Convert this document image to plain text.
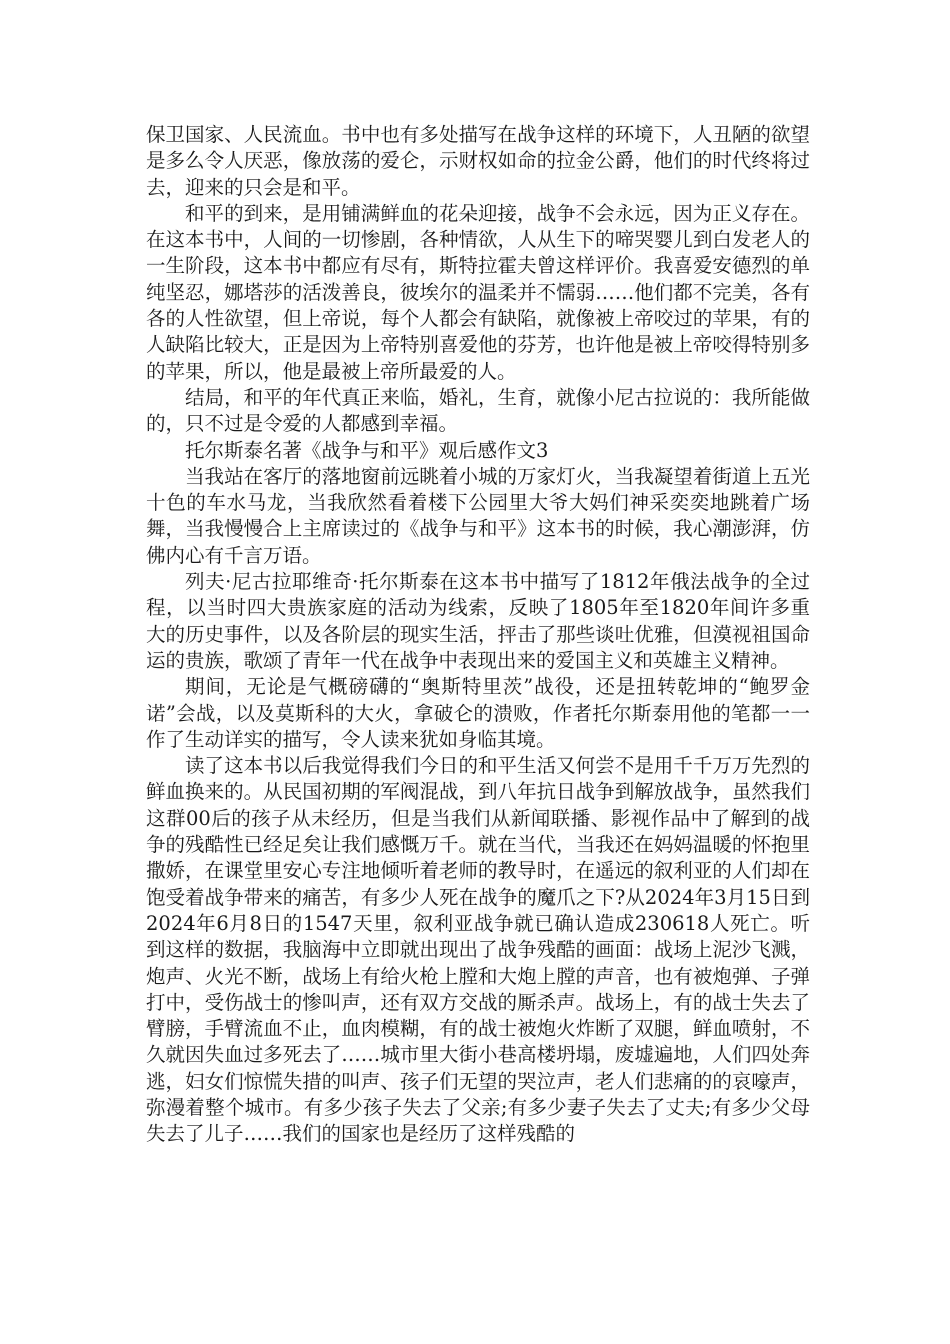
保卫国家、人民流血。书中也有多处描写在战争这样的环境下，人丑陋的欲望是多么令人厌恶，像放荡的爱仑，示财权如命的拉金公爵，他们的时代终将过去，迎来的只会是和平。

和平的到来，是用铺满鲜血的花朵迎接，战争不会永远，因为正义存在。在这本书中，人间的一切惨剧，各种情欲，人从生下的啼哭婴儿到白发老人的一生阶段，这本书中都应有尽有，斯特拉霍夫曾这样评价。我喜爱安德烈的单纯坚忍，娜塔莎的活泼善良，彼埃尔的温柔并不懦弱……他们都不完美，各有各的人性欲望，但上帝说，每个人都会有缺陷，就像被上帝咬过的苹果，有的人缺陷比较大，正是因为上帝特别喜爱他的芬芳，也许他是被上帝咬得特别多的苹果，所以，他是最被上帝所最爱的人。

结局，和平的年代真正来临，婚礼，生育，就像小尼古拉说的：我所能做的，只不过是令爱的人都感到幸福。

托尔斯泰名著《战争与和平》观后感作文3

当我站在客厅的落地窗前远眺着小城的万家灯火，当我凝望着街道上五光十色的车水马龙，当我欣然看着楼下公园里大爷大妈们神采奕奕地跳着广场舞，当我慢慢合上主席读过的《战争与和平》这本书的时候，我心潮澎湃，仿佛内心有千言万语。

列夫·尼古拉耶维奇·托尔斯泰在这本书中描写了1812年俄法战争的全过程，以当时四大贵族家庭的活动为线索，反映了1805年至1820年间许多重大的历史事件，以及各阶层的现实生活，抨击了那些谈吐优雅，但漠视祖国命运的贵族，歌颂了青年一代在战争中表现出来的爱国主义和英雄主义精神。

期间，无论是气概磅礴的“奥斯特里茨”战役，还是扭转乾坤的“鲍罗金诺”会战，以及莫斯科的大火，拿破仑的溃败，作者托尔斯泰用他的笔都一一作了生动详实的描写，令人读来犹如身临其境。

读了这本书以后我觉得我们今日的和平生活又何尝不是用千千万万先烈的鲜血换来的。从民国初期的军阀混战，到八年抗日战争到解放战争，虽然我们这群00后的孩子从未经历，但是当我们从新闻联播、影视作品中了解到的战争的残酷性已经足矣让我们感慨万千。就在当代，当我还在妈妈温暖的怀抱里撒娇，在课堂里安心专注地倾听着老师的教导时，在遥远的叙利亚的人们却在饱受着战争带来的痛苦，有多少人死在战争的魔爪之下?从2024年3月15日到2024年6月8日的1547天里，叙利亚战争就已确认造成230618人死亡。听到这样的数据，我脑海中立即就出现出了战争残酷的画面：战场上泥沙飞溅，炮声、火光不断，战场上有给火枪上膛和大炮上膛的声音，也有被炮弹、子弹打中，受伤战士的惨叫声，还有双方交战的厮杀声。战场上，有的战士失去了臂膀，手臂流血不止，血肉模糊，有的战士被炮火炸断了双腿，鲜血喷射，不久就因失血过多死去了……城市里大街小巷高楼坍塌，废墟遍地，人们四处奔逃，妇女们惊慌失措的叫声、孩子们无望的哭泣声，老人们悲痛的的哀嚎声，弥漫着整个城市。有多少孩子失去了父亲;有多少妻子失去了丈夫;有多少父母失去了儿子……我们的国家也是经历了这样残酷的
